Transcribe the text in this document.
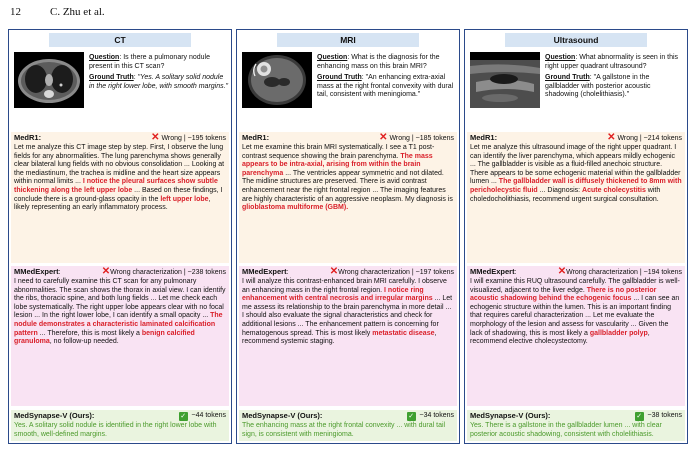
12	C. Zhu et al.
CT
Question: Is there a pulmonary nodule present in this CT scan?
Ground Truth: "Yes. A solitary solid nodule in the right lower lobe, with smooth margins."
MedR1:	✕ Wrong | ~195 tokens
Let me analyze this CT image step by step. First, I observe the lung fields for any abnormalities. The lung parenchyma shows generally clear bilateral lung fields with no obvious consolidation ... Looking at the mediastinum, the trachea is midline and the heart size appears within normal limits ... I notice the pleural surfaces show subtle thickening along the left upper lobe ... Based on these findings, I conclude there is a ground-glass opacity in the left upper lobe, likely representing an early inflammatory process.
MMedExpert:	✕Wrong characterization | ~238 tokens
I need to carefully examine this CT scan for any pulmonary abnormalities. The scan shows the thorax in axial view. I can identify the ribs, thoracic spine, and both lung fields ... Let me check each lobe systematically. The right upper lobe appears clear with no focal lesion ... In the right lower lobe, I can identify a small opacity ... The nodule demonstrates a characteristic laminated calcification pattern ... Therefore, this is most likely a benign calcified granuloma, no follow-up needed.
MedSynapse-V (Ours):	✓ ~44 tokens
Yes. A solitary solid nodule is identified in the right lower lobe with smooth, well-defined margins.
MRI
Question: What is the diagnosis for the enhancing mass on this brain MRI?
Ground Truth: "An enhancing extra-axial mass at the right frontal convexity with dural tail, consistent with meningioma."
MedR1:	✕ Wrong | ~185 tokens
Let me examine this brain MRI systematically. I see a T1 post-contrast sequence showing the brain parenchyma. The mass appears to be intra-axial, arising from within the brain parenchyma ... The ventricles appear symmetric and not dilated. The midline structures are preserved. There is avid contrast enhancement near the right frontal region ... The imaging features are highly characteristic of an aggressive neoplasm. My diagnosis is glioblastoma multiforme (GBM).
MMedExpert:	✕Wrong characterization | ~197 tokens
I will analyze this contrast-enhanced brain MRI carefully. I observe an enhancing mass in the right frontal region. I notice ring enhancement with central necrosis and irregular margins ... Let me assess its relationship to the brain parenchyma in more detail ... I should also evaluate the signal characteristics and check for additional lesions ... The enhancement pattern is concerning for hematogenous spread. This is most likely metastatic disease, recommend systemic staging.
MedSynapse-V (Ours):	✓ ~34 tokens
The enhancing mass at the right frontal convexity ... with dural tail sign, is consistent with meningioma.
Ultrasound
Question: What abnormality is seen in this right upper quadrant ultrasound?
Ground Truth: "A gallstone in the gallbladder with posterior acoustic shadowing (cholelithiasis)."
MedR1:	✕ Wrong | ~214 tokens
Let me analyze this ultrasound image of the right upper quadrant. I can identify the liver parenchyma, which appears mildly echogenic ... The gallbladder is visible as a fluid-filled anechoic structure. There appears to be some echogenic material within the gallbladder lumen ... The gallbladder wall is diffusely thickened to 8mm with pericholecystic fluid ... Diagnosis: Acute cholecystitis with choledocholithiasis, recommend urgent surgical consultation.
MMedExpert:	✕Wrong characterization | ~194 tokens
I will examine this RUQ ultrasound carefully. The gallbladder is well-visualized, adjacent to the liver edge. There is no posterior acoustic shadowing behind the echogenic focus ... I can see an echogenic structure within the lumen. This is an important finding that requires careful characterization ... Let me evaluate the morphology of the lesion and assess for vascularity ... Given the lack of shadowing, this is most likely a gallbladder polyp, recommend elective cholecystectomy.
MedSynapse-V (Ours):	✓ ~38 tokens
Yes. There is a gallstone in the gallbladder lumen ... with clear posterior acoustic shadowing, consistent with cholelithiasis.
